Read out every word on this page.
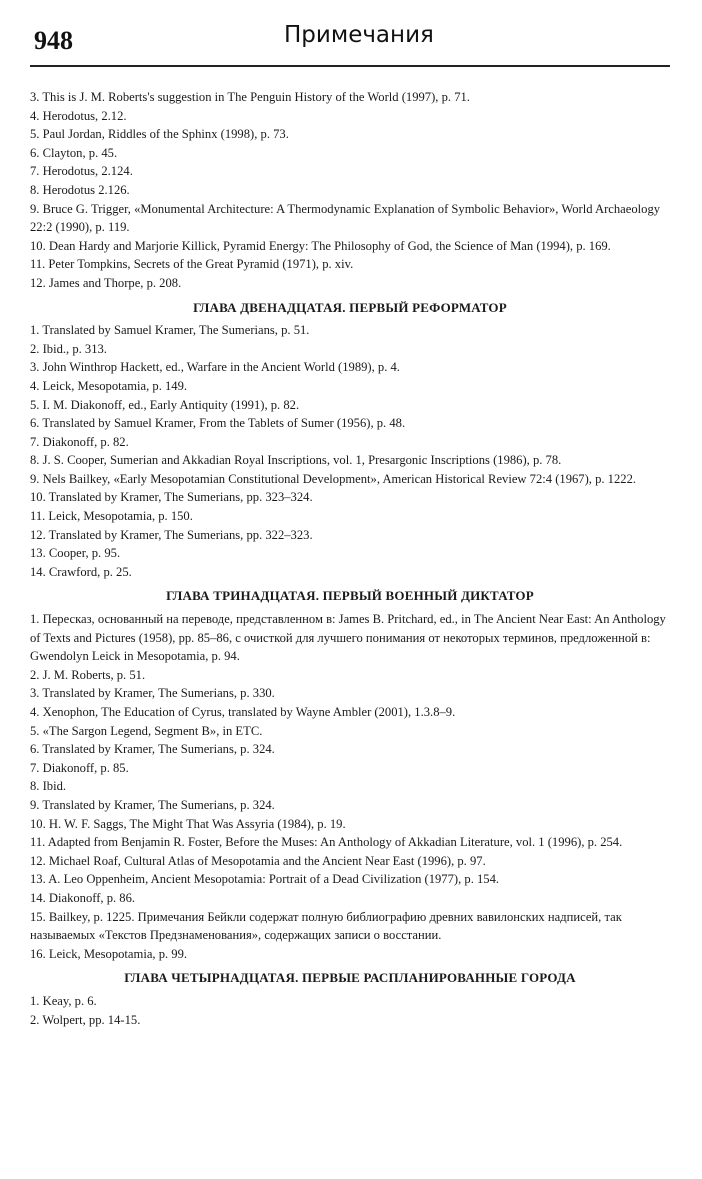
948	Примечания

3. This is J. M. Roberts's suggestion in The Penguin History of the World (1997), p. 71.

4. Herodotus, 2.12.

5. Paul Jordan, Riddles of the Sphinx (1998), p. 73.

6. Clayton, p. 45.

7. Herodotus, 2.124.

8. Herodotus 2.126.

9. Bruce G. Trigger, «Monumental Architecture: A Thermodynamic Explanation of Symbolic Behavior», World Archaeology 22:2 (1990), p. 119.

10. Dean Hardy and Marjorie Killick, Pyramid Energy: The Philosophy of God, the Science of Man (1994), p. 169.

11. Peter Tompkins, Secrets of the Great Pyramid (1971), p. xiv.

12. James and Thorpe, p. 208.

ГЛАВА ДВЕНАДЦАТАЯ. ПЕРВЫЙ РЕФОРМАТОР

1. Translated by Samuel Kramer, The Sumerians, p. 51.

2. Ibid., p. 313.

3. John Winthrop Hackett, ed., Warfare in the Ancient World (1989), p. 4.

4. Leick, Mesopotamia, p. 149.

5. I. M. Diakonoff, ed., Early Antiquity (1991), p. 82.

6. Translated by Samuel Kramer, From the Tablets of Sumer (1956), p. 48.

7. Diakonoff, p. 82.

8. J. S. Cooper, Sumerian and Akkadian Royal Inscriptions, vol. 1, Presargonic Inscriptions (1986), p. 78.

9. Nels Bailkey, «Early Mesopotamian Constitutional Development», American Historical Review 72:4 (1967), p. 1222.

10. Translated by Kramer, The Sumerians, pp. 323–324.

11. Leick, Mesopotamia, p. 150.

12. Translated by Kramer, The Sumerians, pp. 322–323.

13. Cooper, p. 95.

14. Crawford, p. 25.

ГЛАВА ТРИНАДЦАТАЯ. ПЕРВЫЙ ВОЕННЫЙ ДИКТАТОР

1. Пересказ, основанный на переводе, представленном в: James B. Pritchard, ed., in The Ancient Near East: An Anthology of Texts and Pictures (1958), pp. 85–86, с очисткой для лучшего понимания от некоторых терминов, предложенной в: Gwendolyn Leick in Mesopotamia, p. 94.

2. J. M. Roberts, p. 51.

3. Translated by Kramer, The Sumerians, p. 330.

4. Xenophon, The Education of Cyrus, translated by Wayne Ambler (2001), 1.3.8–9.

5. «The Sargon Legend, Segment B», in ETC.

6. Translated by Kramer, The Sumerians, p. 324.

7. Diakonoff, p. 85.

8. Ibid.

9. Translated by Kramer, The Sumerians, p. 324.

10. H. W. F. Saggs, The Might That Was Assyria (1984), p. 19.

11. Adapted from Benjamin R. Foster, Before the Muses: An Anthology of Akkadian Literature, vol. 1 (1996), p. 254.

12. Michael Roaf, Cultural Atlas of Mesopotamia and the Ancient Near East (1996), p. 97.

13. A. Leo Oppenheim, Ancient Mesopotamia: Portrait of a Dead Civilization (1977), p. 154.

14. Diakonoff, p. 86.

15. Bailkey, p. 1225. Примечания Бейкли содержат полную библиографию древних вавилонских надписей, так называемых «Текстов Предзнаменования», содержащих записи о восстании.

16. Leick, Mesopotamia, p. 99.

ГЛАВА ЧЕТЫРНАДЦАТАЯ. ПЕРВЫЕ РАСПЛАНИРОВАННЫЕ ГОРОДА

1. Keay, p. 6.

2. Wolpert, pp. 14-15.
